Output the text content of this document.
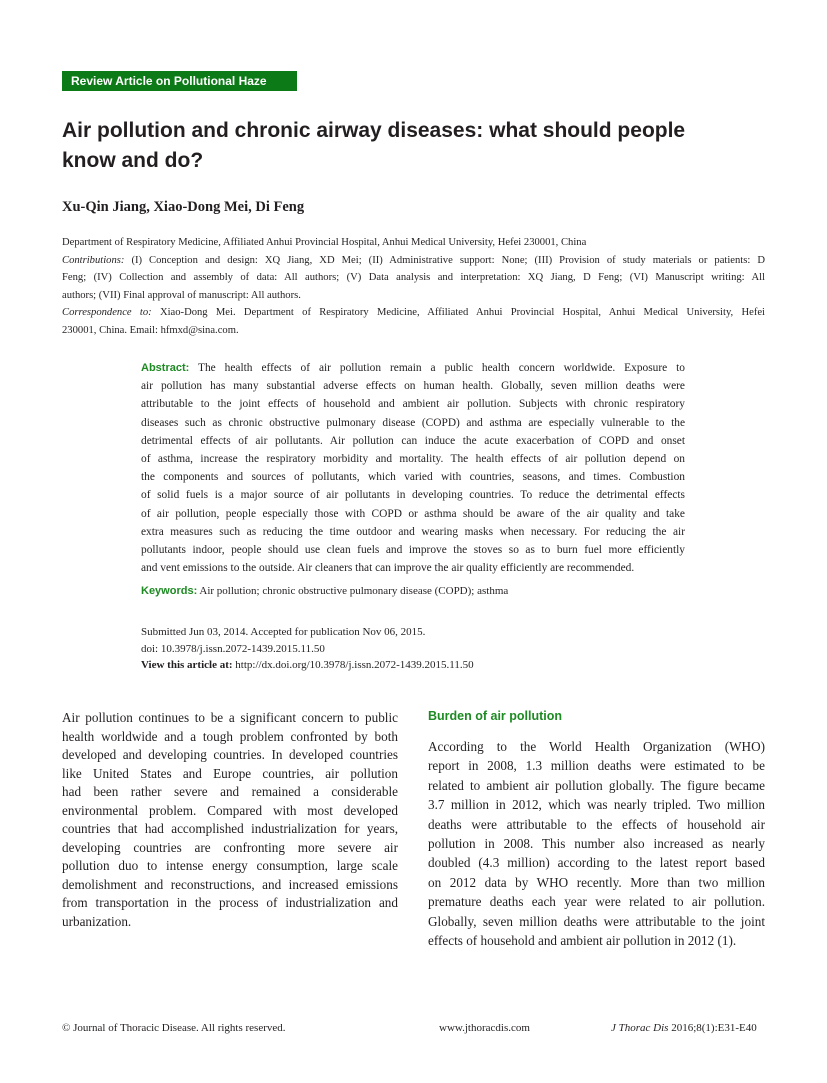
Review Article on Pollutional Haze
Air pollution and chronic airway diseases: what should people
know and do?
Xu-Qin Jiang, Xiao-Dong Mei, Di Feng
Department of Respiratory Medicine, Affiliated Anhui Provincial Hospital, Anhui Medical University, Hefei 230001, China
Contributions: (I) Conception and design: XQ Jiang, XD Mei; (II) Administrative support: None; (III) Provision of study materials or patients: D
Feng; (IV) Collection and assembly of data: All authors; (V) Data analysis and interpretation: XQ Jiang, D Feng; (VI) Manuscript writing: All
authors; (VII) Final approval of manuscript: All authors.
Correspondence to: Xiao-Dong Mei. Department of Respiratory Medicine, Affiliated Anhui Provincial Hospital, Anhui Medical University, Hefei
230001, China. Email: hfmxd@sina.com.
Abstract: The health effects of air pollution remain a public health concern worldwide. Exposure to
air pollution has many substantial adverse effects on human health. Globally, seven million deaths were
attributable to the joint effects of household and ambient air pollution. Subjects with chronic respiratory
diseases such as chronic obstructive pulmonary disease (COPD) and asthma are especially vulnerable to the
detrimental effects of air pollutants. Air pollution can induce the acute exacerbation of COPD and onset
of asthma, increase the respiratory morbidity and mortality. The health effects of air pollution depend on
the components and sources of pollutants, which varied with countries, seasons, and times. Combustion
of solid fuels is a major source of air pollutants in developing countries. To reduce the detrimental effects
of air pollution, people especially those with COPD or asthma should be aware of the air quality and take
extra measures such as reducing the time outdoor and wearing masks when necessary. For reducing the air
pollutants indoor, people should use clean fuels and improve the stoves so as to burn fuel more efficiently
and vent emissions to the outside. Air cleaners that can improve the air quality efficiently are recommended.
Keywords: Air pollution; chronic obstructive pulmonary disease (COPD); asthma
Submitted Jun 03, 2014. Accepted for publication Nov 06, 2015.
doi: 10.3978/j.issn.2072-1439.2015.11.50
View this article at: http://dx.doi.org/10.3978/j.issn.2072-1439.2015.11.50
Air pollution continues to be a significant concern to public
health worldwide and a tough problem confronted by both
developed and developing countries. In developed countries
like United States and Europe countries, air pollution
had been rather severe and remained a considerable
environmental problem. Compared with most developed
countries that had accomplished industrialization for years,
developing countries are confronting more severe air
pollution duo to intense energy consumption, large scale
demolishment and reconstructions, and increased emissions
from transportation in the process of industrialization and
urbanization.
Burden of air pollution
According to the World Health Organization (WHO)
report in 2008, 1.3 million deaths were estimated to be
related to ambient air pollution globally. The figure became
3.7 million in 2012, which was nearly tripled. Two million
deaths were attributable to the effects of household air
pollution in 2008. This number also increased as nearly
doubled (4.3 million) according to the latest report based
on 2012 data by WHO recently. More than two million
premature deaths each year were related to air pollution.
Globally, seven million deaths were attributable to the joint
effects of household and ambient air pollution in 2012 (1).
© Journal of Thoracic Disease. All rights reserved.	www.jthoracdis.com	J Thorac Dis 2016;8(1):E31-E40
